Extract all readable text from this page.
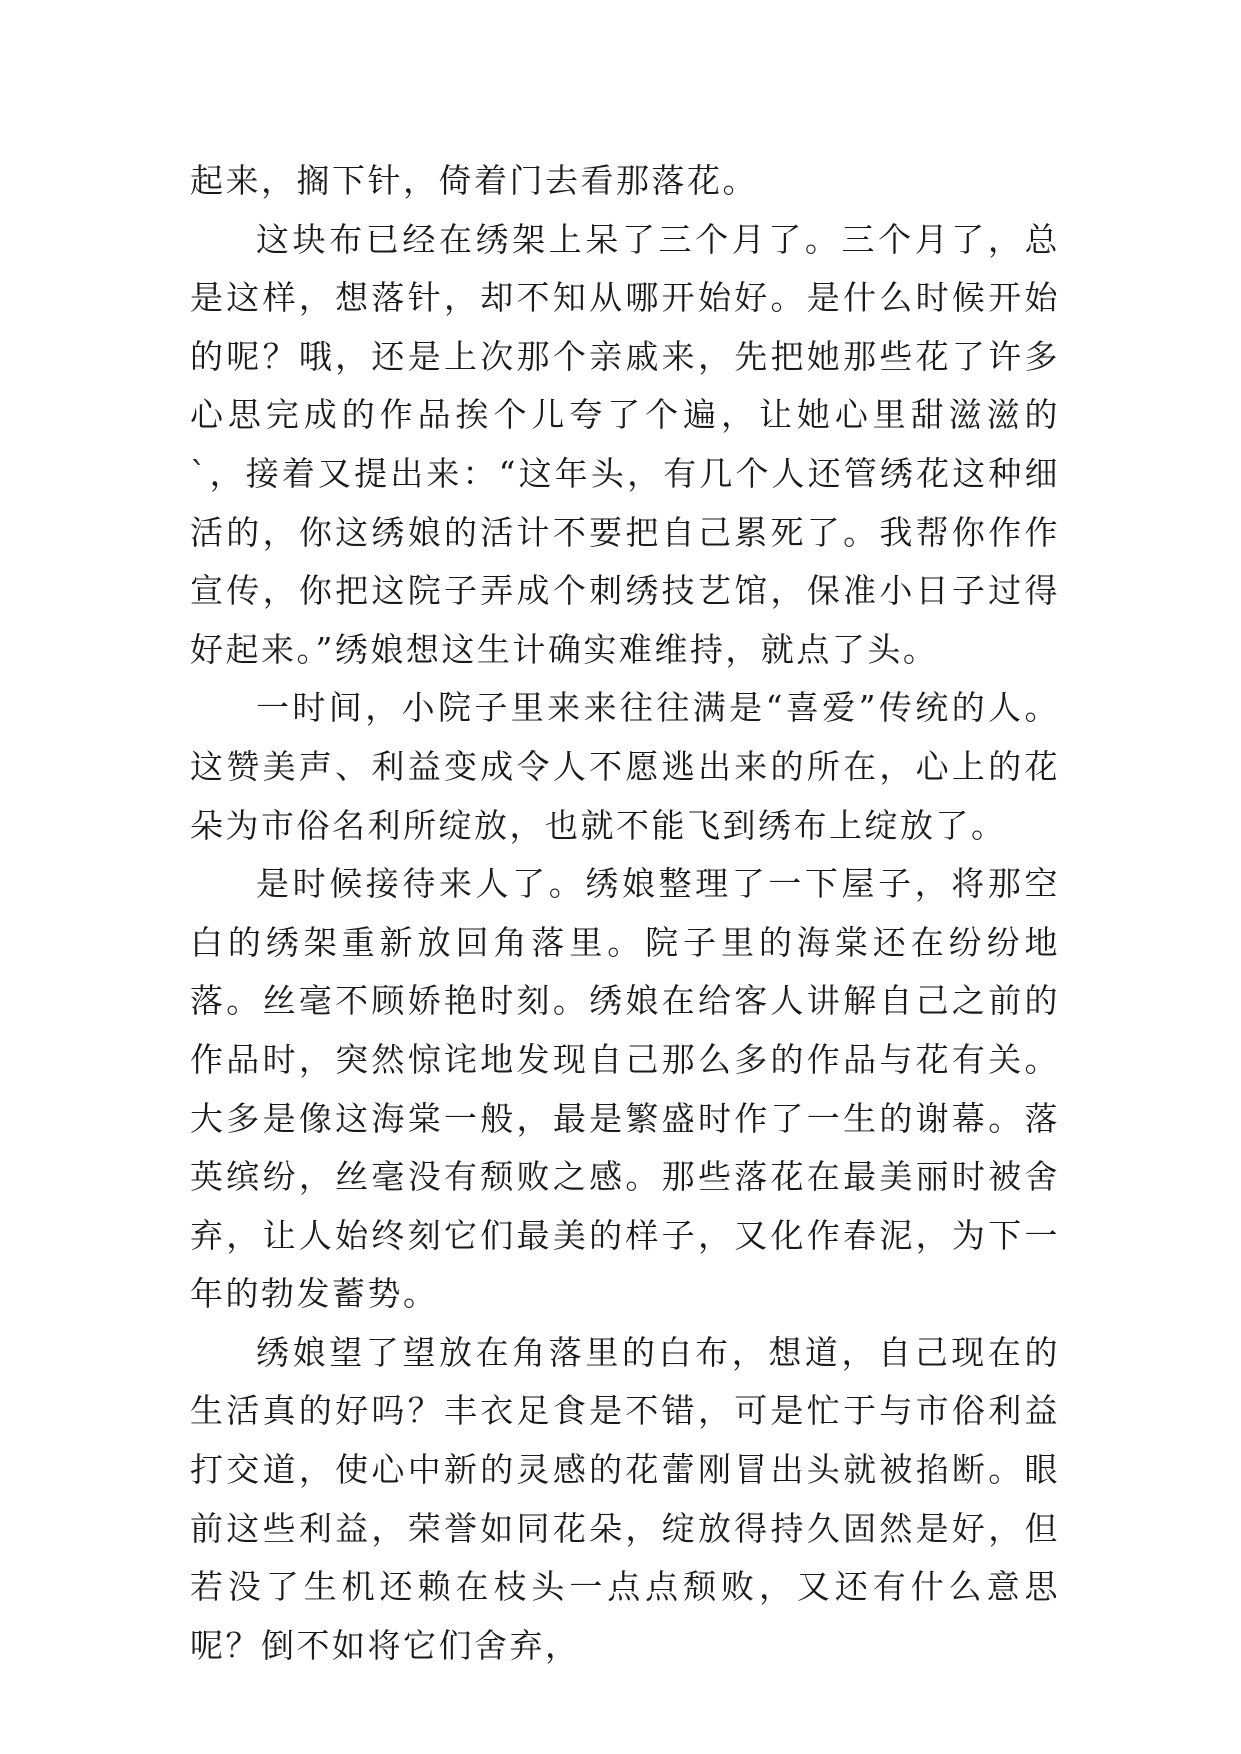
起来，搁下针，倚着门去看那落花。

这块布已经在绣架上呆了三个月了。三个月了，总是这样，想落针，却不知从哪开始好。是什么时候开始的呢？哦，还是上次那个亲戚来，先把她那些花了许多心思完成的作品挨个儿夸了个遍，让她心里甜滋滋的`，接着又提出来：“这年头，有几个人还管绣花这种细活的，你这绣娘的活计不要把自己累死了。我帮你作作宣传，你把这院子弄成个刺绣技艺馆，保准小日子过得好起来。”绣娘想这生计确实难维持，就点了头。

一时间，小院子里来来往往满是“喜爱”传统的人。这赞美声、利益变成令人不愿逃出来的所在，心上的花朵为市俗名利所绽放，也就不能飞到绣布上绽放了。

是时候接待来人了。绣娘整理了一下屋子，将那空白的绣架重新放回角落里。院子里的海棠还在纷纷地落。丝毫不顾娇艳时刻。绣娘在给客人讲解自己之前的作品时，突然惊诧地发现自己那么多的作品与花有关。大多是像这海棠一般，最是繁盛时作了一生的谢幕。落英缤纷，丝毫没有颓败之感。那些落花在最美丽时被舍弃，让人始终刻它们最美的样子，又化作春泥，为下一年的勃发蓄势。

绣娘望了望放在角落里的白布，想道，自己现在的生活真的好吗？丰衣足食是不错，可是忙于与市俗利益打交道，使心中新的灵感的花蕾刚冒出头就被掐断。眼前这些利益，荣誉如同花朵，绽放得持久固然是好，但若没了生机还赖在枝头一点点颓败，又还有什么意思呢？倒不如将它们舍弃，
